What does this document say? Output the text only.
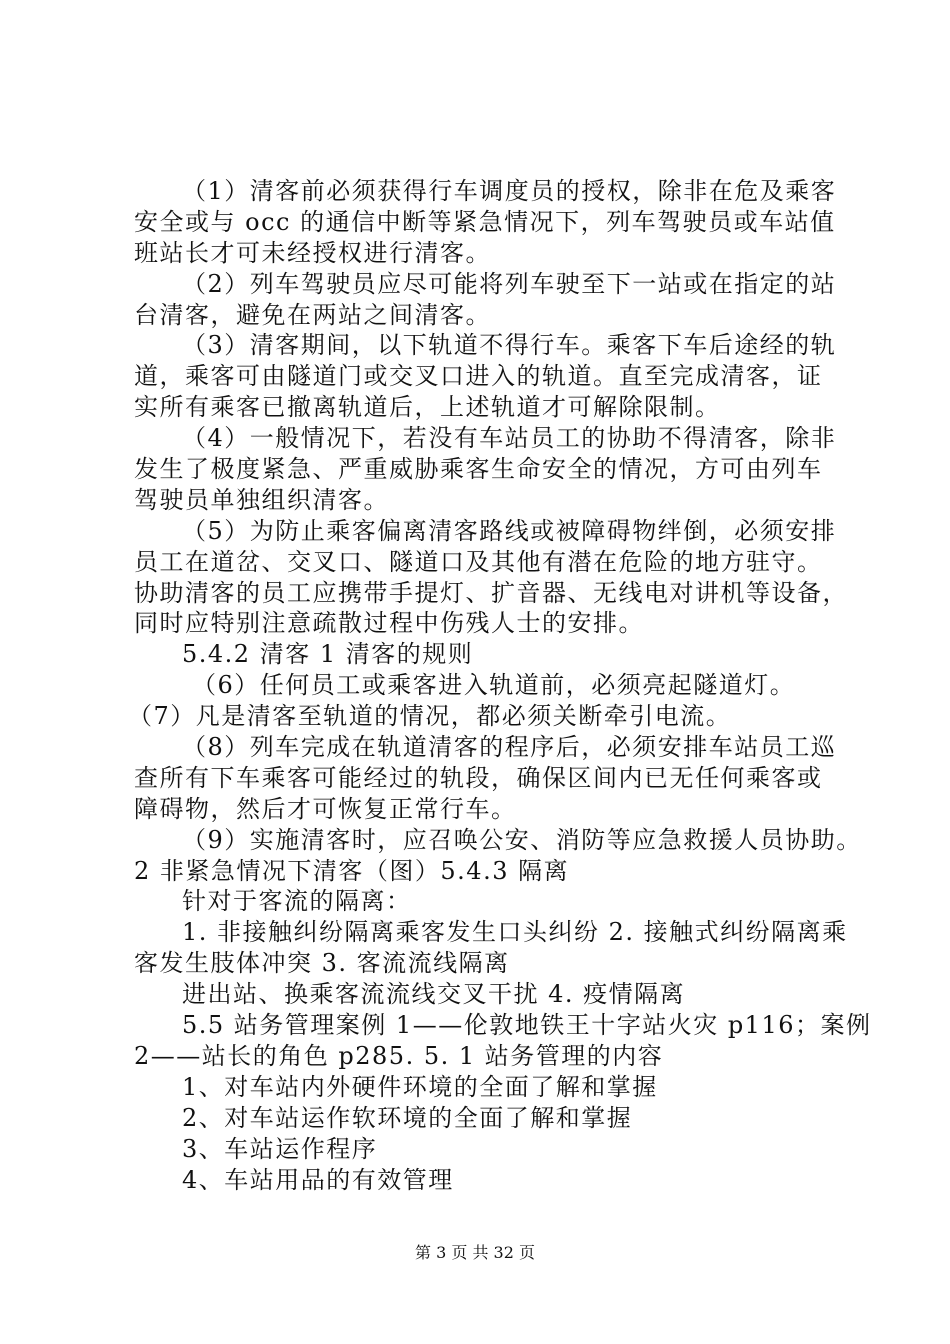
（1）清客前必须获得行车调度员的授权，除非在危及乘客
安全或与 occ 的通信中断等紧急情况下，列车驾驶员或车站值
班站长才可未经授权进行清客。
（2）列车驾驶员应尽可能将列车驶至下一站或在指定的站
台清客，避免在两站之间清客。
（3）清客期间，以下轨道不得行车。乘客下车后途经的轨
道，乘客可由隧道门或交叉口进入的轨道。直至完成清客，证
实所有乘客已撤离轨道后，上述轨道才可解除限制。
（4）一般情况下，若没有车站员工的协助不得清客，除非
发生了极度紧急、严重威胁乘客生命安全的情况，方可由列车
驾驶员单独组织清客。
（5）为防止乘客偏离清客路线或被障碍物绊倒，必须安排
员工在道岔、交叉口、隧道口及其他有潜在危险的地方驻守。
协助清客的员工应携带手提灯、扩音器、无线电对讲机等设备，
同时应特别注意疏散过程中伤残人士的安排。
5.4.2 清客 1 清客的规则
（6）任何员工或乘客进入轨道前，必须亮起隧道灯。
（7）凡是清客至轨道的情况，都必须关断牵引电流。
（8）列车完成在轨道清客的程序后，必须安排车站员工巡
查所有下车乘客可能经过的轨段，确保区间内已无任何乘客或
障碍物，然后才可恢复正常行车。
（9）实施清客时，应召唤公安、消防等应急救援人员协助。
2 非紧急情况下清客（图）5.4.3 隔离
针对于客流的隔离：
1. 非接触纠纷隔离乘客发生口头纠纷 2. 接触式纠纷隔离乘
客发生肢体冲突 3. 客流流线隔离
进出站、换乘客流流线交叉干扰 4. 疫情隔离
5.5 站务管理案例 1——伦敦地铁王十字站火灾 p116；案例
2——站长的角色 p285. 5. 1 站务管理的内容
1、对车站内外硬件环境的全面了解和掌握
2、对车站运作软环境的全面了解和掌握
3、车站运作程序
4、车站用品的有效管理
第 3 页 共 32 页
